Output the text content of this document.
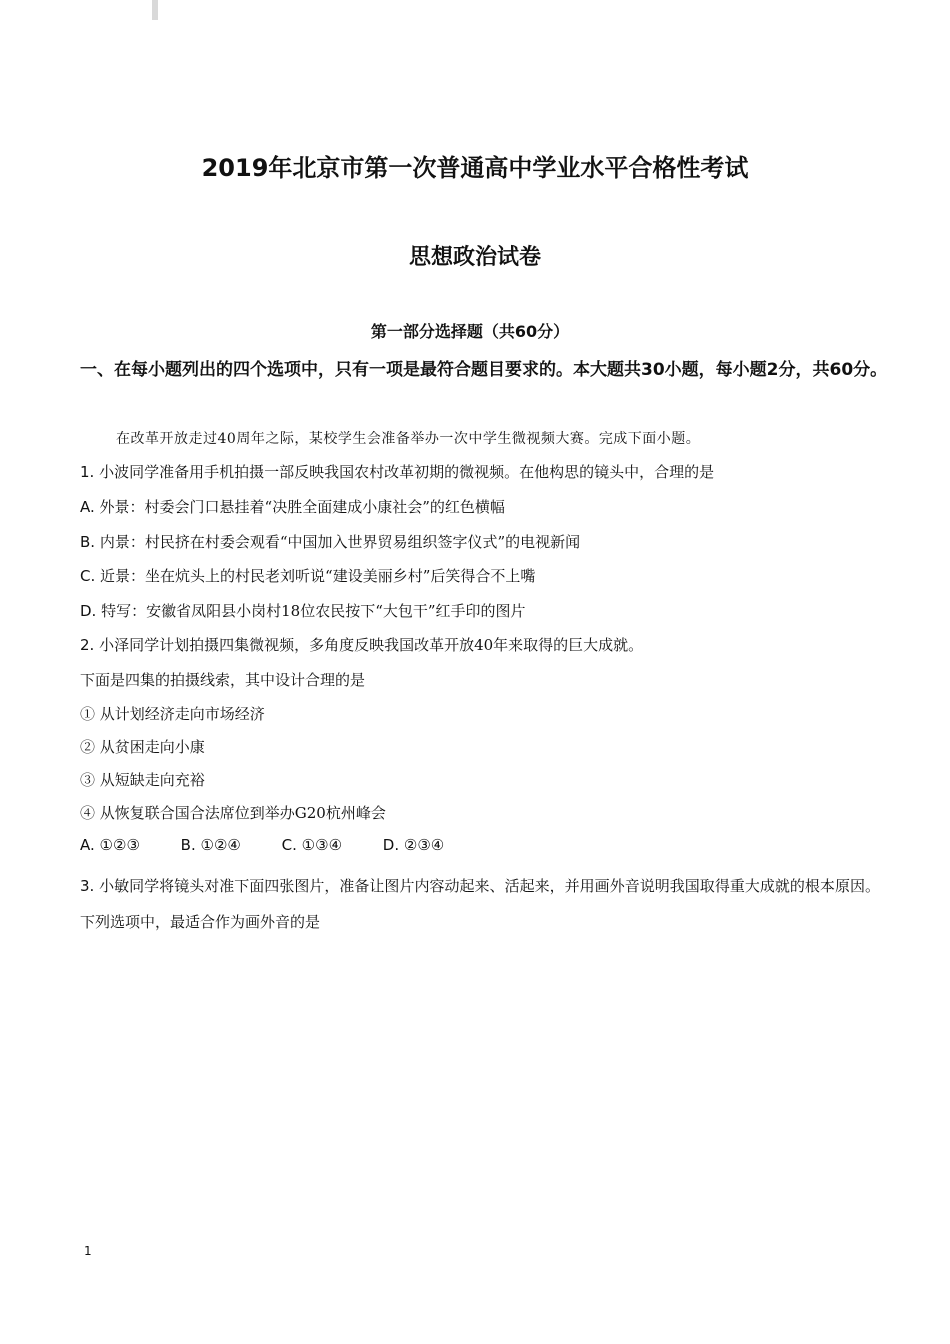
2019年北京市第一次普通高中学业水平合格性考试
思想政治试卷
第一部分选择题（共60分）
一、在每小题列出的四个选项中，只有一项是最符合题目要求的。本大题共30小题，每小题2分，共60分。
在改革开放走过40周年之际，某校学生会准备举办一次中学生微视频大赛。完成下面小题。
1. 小波同学准备用手机拍摄一部反映我国农村改革初期的微视频。在他构思的镜头中，合理的是
A. 外景：村委会门口悬挂着“决胜全面建成小康社会”的红色横幅
B. 内景：村民挤在村委会观看“中国加入世界贸易组织签字仪式”的电视新闻
C. 近景：坐在炕头上的村民老刘听说“建设美丽乡村”后笑得合不上嘴
D. 特写：安徽省凤阳县小岗村18位农民按下“大包干”红手印的图片
2. 小泽同学计划拍摄四集微视频，多角度反映我国改革开放40年来取得的巨大成就。
下面是四集的拍摄线索，其中设计合理的是
① 从计划经济走向市场经济
② 从贫困走向小康
③ 从短缺走向充裕
④ 从恢复联合国合法席位到举办G20杭州峰会
A. ①②③	B. ①②④	C. ①③④	D. ②③④
3. 小敏同学将镜头对准下面四张图片，准备让图片内容动起来、活起来，并用画外音说明我国取得重大成就的根本原因。下列选项中，最适合作为画外音的是
1
